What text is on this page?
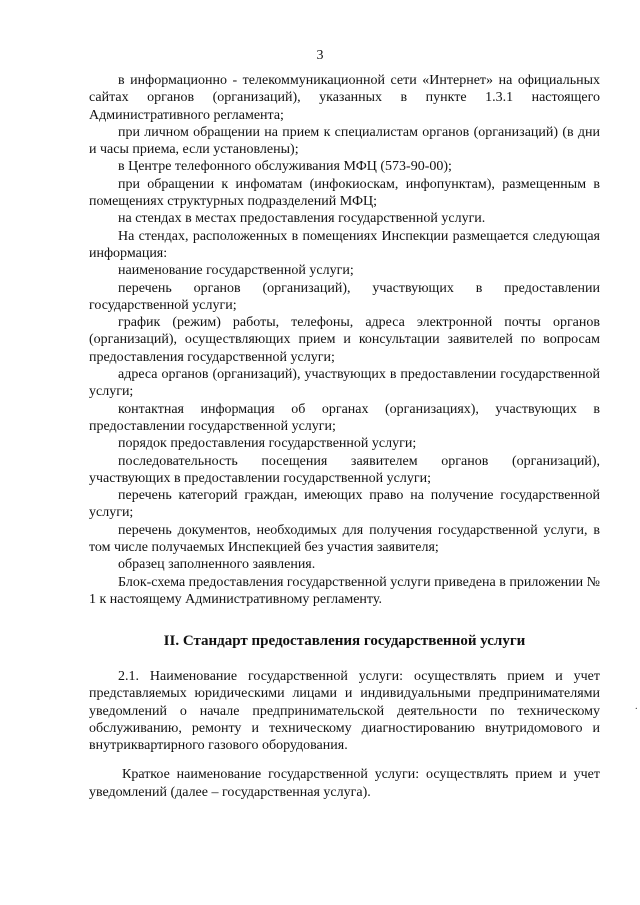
3

в информационно - телекоммуникационной сети «Интернет» на официальных сайтах органов (организаций), указанных в пункте 1.3.1 настоящего Административного регламента;

при личном обращении на прием к специалистам органов (организаций) (в дни и часы приема, если установлены);

в Центре телефонного обслуживания МФЦ (573-90-00);

при обращении к инфоматам (инфокиоскам, инфопунктам), размещенным в помещениях структурных подразделений МФЦ;

на стендах в местах предоставления государственной услуги.

На стендах, расположенных в помещениях Инспекции размещается следующая информация:

наименование государственной услуги;

перечень органов (организаций), участвующих в предоставлении государственной услуги;

график (режим) работы, телефоны, адреса электронной почты органов (организаций), осуществляющих прием и консультации заявителей по вопросам предоставления государственной услуги;

адреса органов (организаций), участвующих в предоставлении государственной услуги;

контактная информация об органах (организациях), участвующих в предоставлении государственной услуги;

порядок предоставления государственной услуги;

последовательность посещения заявителем органов (организаций), участвующих в предоставлении государственной услуги;

перечень категорий граждан, имеющих право на получение государственной услуги;

перечень документов, необходимых для получения государственной услуги, в том числе получаемых Инспекцией без участия заявителя;

образец заполненного заявления.

Блок-схема предоставления государственной услуги приведена в приложении № 1 к настоящему Административному регламенту.

II. Стандарт предоставления государственной услуги

2.1. Наименование государственной услуги: осуществлять прием и учет представляемых юридическими лицами и индивидуальными предпринимателями уведомлений о начале предпринимательской деятельности по техническому обслуживанию, ремонту и техническому диагностированию внутридомового и внутриквартирного газового оборудования.

Краткое наименование государственной услуги: осуществлять прием и учет уведомлений (далее – государственная услуга).

·
